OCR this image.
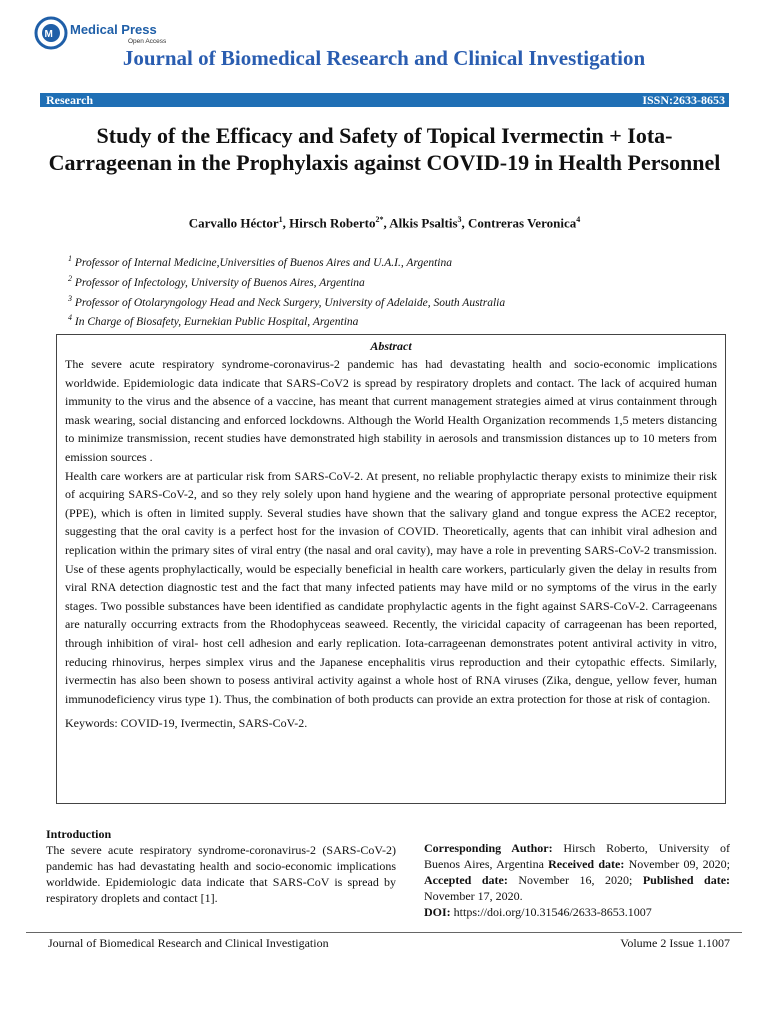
M Medical Press
Open Access
Journal of Biomedical Research and Clinical Investigation
Research	ISSN:2633-8653
Study of the Efficacy and Safety of Topical Ivermectin + Iota-Carrageenan in the Prophylaxis against COVID-19 in Health Personnel
Carvallo Héctor$^1$, Hirsch Roberto$^{2*}$, Alkis Psaltis$^3$, Contreras Veronica$^4$
$^1$ Professor of Internal Medicine,Universities of Buenos Aires and U.A.I., Argentina
$^2$ Professor of Infectology, University of Buenos Aires, Argentina
$^3$ Professor of Otolaryngology Head and Neck Surgery, University of Adelaide, South Australia
$^4$ In Charge of Biosafety, Eurnekian Public Hospital, Argentina
Abstract

The severe acute respiratory syndrome-coronavirus-2 pandemic has had devastating health and socio-economic implications worldwide. Epidemiologic data indicate that SARS-CoV2 is spread by respiratory droplets and contact. The lack of acquired human immunity to the virus and the absence of a vaccine, has meant that current management strategies aimed at virus containment through mask wearing, social distancing and enforced lockdowns. Although the World Health Organization recommends 1,5 meters distancing to minimize transmission, recent studies have demonstrated high stability in aerosols and transmission distances up to 10 meters from emission sources .

Health care workers are at particular risk from SARS-CoV-2. At present, no reliable prophylactic therapy exists to minimize their risk of acquiring SARS-CoV-2, and so they rely solely upon hand hygiene and the wearing of appropriate personal protective equipment (PPE), which is often in limited supply. Several studies have shown that the salivary gland and tongue express the ACE2 receptor, suggesting that the oral cavity is a perfect host for the invasion of COVID. Theoretically, agents that can inhibit viral adhesion and replication within the primary sites of viral entry (the nasal and oral cavity), may have a role in preventing SARS-CoV-2 transmission. Use of these agents prophylactically, would be especially beneficial in health care workers, particularly given the delay in results from viral RNA detection diagnostic test and the fact that many infected patients may have mild or no symptoms of the virus in the early stages. Two possible substances have been identified as candidate prophylactic agents in the fight against SARS-CoV-2. Carrageenans are naturally occurring extracts from the Rhodophyceas seaweed. Recently, the viricidal capacity of carrageenan has been reported, through inhibition of viral- host cell adhesion and early replication. Iota-carrageenan demonstrates potent antiviral activity in vitro, reducing rhinovirus, herpes simplex virus and the Japanese encephalitis virus reproduction and their cytopathic effects. Similarly, ivermectin has also been shown to posess antiviral activity against a whole host of RNA viruses (Zika, dengue, yellow fever, human immunodeficiency virus type 1). Thus, the combination of both products can provide an extra protection for those at risk of contagion.

Keywords: COVID-19, Ivermectin, SARS-CoV-2.

Introduction

The severe acute respiratory syndrome-coronavirus-2 (SARS-CoV-2) pandemic has had devastating health and socio-economic implications worldwide. Epidemiologic data indicate that SARS-CoV is spread by respiratory droplets and contact [1].

Corresponding Author: Hirsch Roberto, University of Buenos Aires, Argentina Received date: November 09, 2020; Accepted date: November 16, 2020; Published date: November 17, 2020.
DOI: https://doi.org/10.31546/2633-8653.1007

Journal of Biomedical Research and Clinical Investigation	Volume 2 Issue 1.1007
